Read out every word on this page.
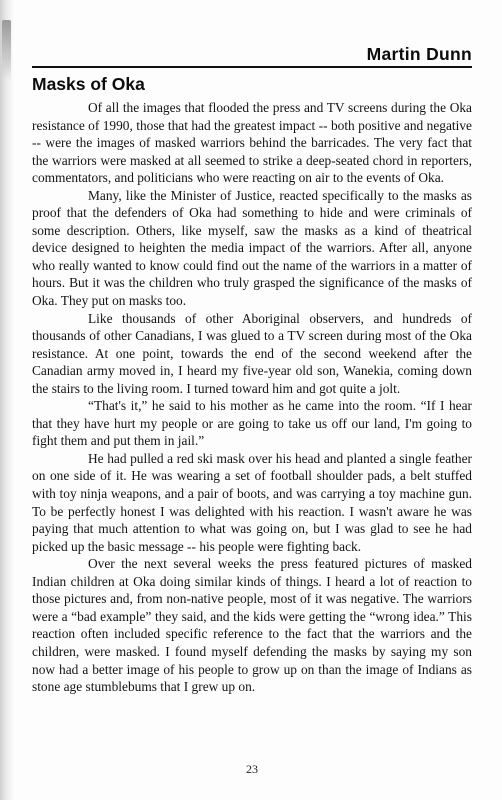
Martin Dunn
Masks of Oka

Of all the images that flooded the press and TV screens during the Oka resistance of 1990, those that had the greatest impact -- both positive and negative -- were the images of masked warriors behind the barricades. The very fact that the warriors were masked at all seemed to strike a deep-seated chord in reporters, commentators, and politicians who were reacting on air to the events of Oka.

Many, like the Minister of Justice, reacted specifically to the masks as proof that the defenders of Oka had something to hide and were criminals of some description. Others, like myself, saw the masks as a kind of theatrical device designed to heighten the media impact of the warriors. After all, anyone who really wanted to know could find out the name of the warriors in a matter of hours. But it was the children who truly grasped the significance of the masks of Oka. They put on masks too.

Like thousands of other Aboriginal observers, and hundreds of thousands of other Canadians, I was glued to a TV screen during most of the Oka resistance. At one point, towards the end of the second weekend after the Canadian army moved in, I heard my five-year old son, Wanekia, coming down the stairs to the living room. I turned toward him and got quite a jolt.

“That's it,” he said to his mother as he came into the room. “If I hear that they have hurt my people or are going to take us off our land, I'm going to fight them and put them in jail.”

He had pulled a red ski mask over his head and planted a single feather on one side of it. He was wearing a set of football shoulder pads, a belt stuffed with toy ninja weapons, and a pair of boots, and was carrying a toy machine gun. To be perfectly honest I was delighted with his reaction. I wasn't aware he was paying that much attention to what was going on, but I was glad to see he had picked up the basic message -- his people were fighting back.

Over the next several weeks the press featured pictures of masked Indian children at Oka doing similar kinds of things. I heard a lot of reaction to those pictures and, from non-native people, most of it was negative. The warriors were a “bad example” they said, and the kids were getting the “wrong idea.” This reaction often included specific reference to the fact that the warriors and the children, were masked. I found myself defending the masks by saying my son now had a better image of his people to grow up on than the image of Indians as stone age stumblebums that I grew up on.

23
